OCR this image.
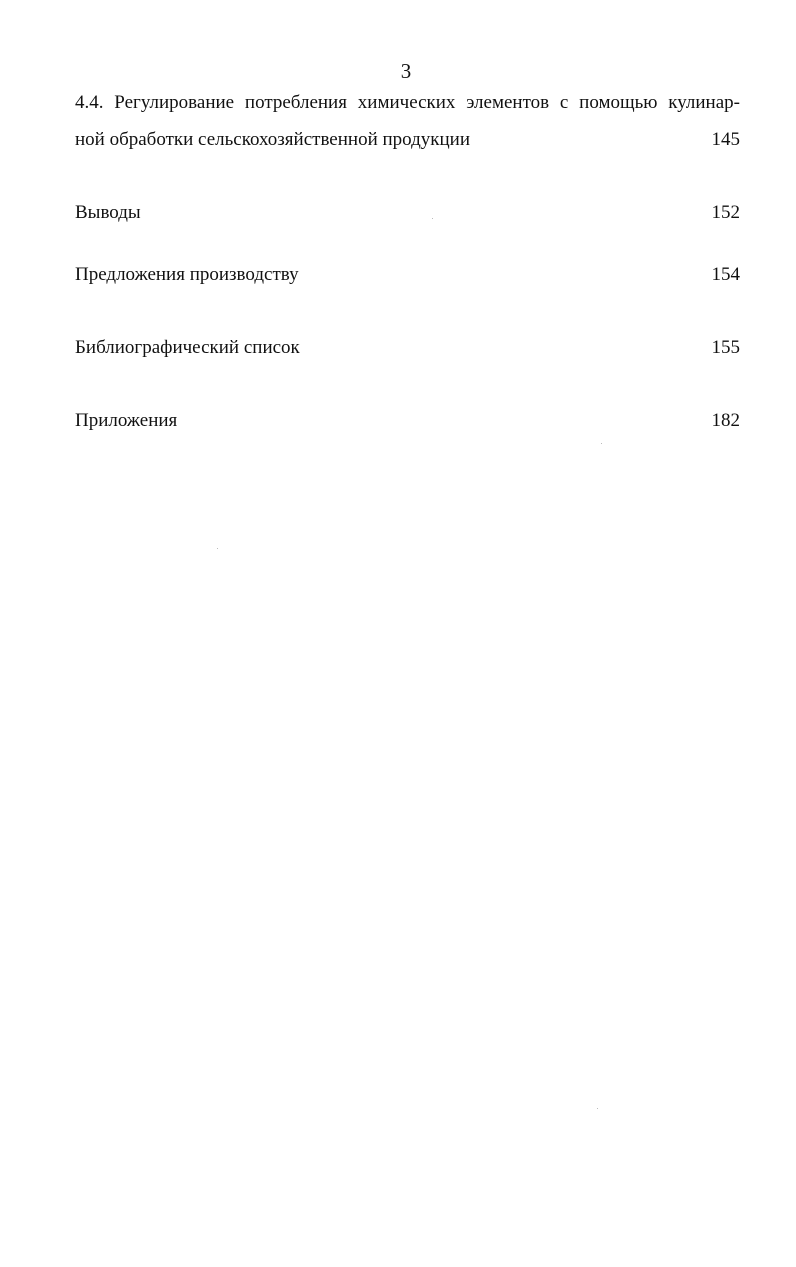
3
4.4. Регулирование потребления химических элементов с помощью кулинар-
ной обработки сельскохозяйственной продукции	145
Выводы	152
Предложения производству	154
Библиографический список	155
Приложения	182
